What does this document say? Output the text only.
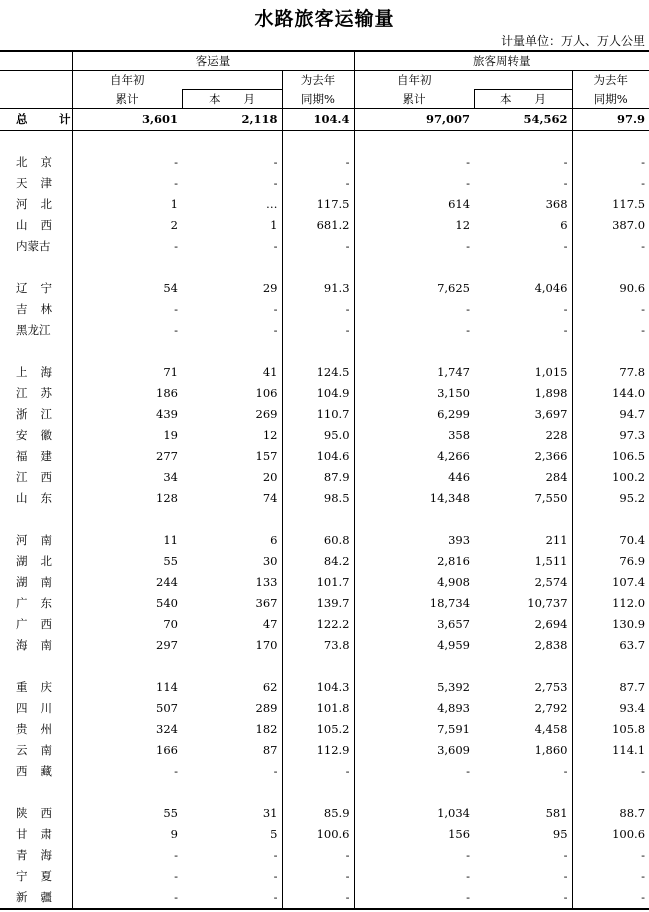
水路旅客运输量
计量单位：万人、万人公里
	客运量			旅客周转量		
	自年初		为去年	自年初		为去年
	累计	本　　月	同期%	累计	本　　月	同期%
总　计	3,601	2,118	104.4	97,007	54,562	97.9

北京	-	-	-	-	-	-
天津	-	-	-	-	-	-
河北	1	…	117.5	614	368	117.5
山西	2	1	681.2	12	6	387.0
内蒙古	-	-	-	-	-	-

辽宁	54	29	91.3	7,625	4,046	90.6
吉林	-	-	-	-	-	-
黑龙江	-	-	-	-	-	-

上海	71	41	124.5	1,747	1,015	77.8
江苏	186	106	104.9	3,150	1,898	144.0
浙江	439	269	110.7	6,299	3,697	94.7
安徽	19	12	95.0	358	228	97.3
福建	277	157	104.6	4,266	2,366	106.5
江西	34	20	87.9	446	284	100.2
山东	128	74	98.5	14,348	7,550	95.2

河南	11	6	60.8	393	211	70.4
湖北	55	30	84.2	2,816	1,511	76.9
湖南	244	133	101.7	4,908	2,574	107.4
广东	540	367	139.7	18,734	10,737	112.0
广西	70	47	122.2	3,657	2,694	130.9
海南	297	170	73.8	4,959	2,838	63.7

重庆	114	62	104.3	5,392	2,753	87.7
四川	507	289	101.8	4,893	2,792	93.4
贵州	324	182	105.2	7,591	4,458	105.8
云南	166	87	112.9	3,609	1,860	114.1
西藏	-	-	-	-	-	-

陕西	55	31	85.9	1,034	581	88.7
甘肃	9	5	100.6	156	95	100.6
青海	-	-	-	-	-	-
宁夏	-	-	-	-	-	-
新疆	-	-	-	-	-	-
